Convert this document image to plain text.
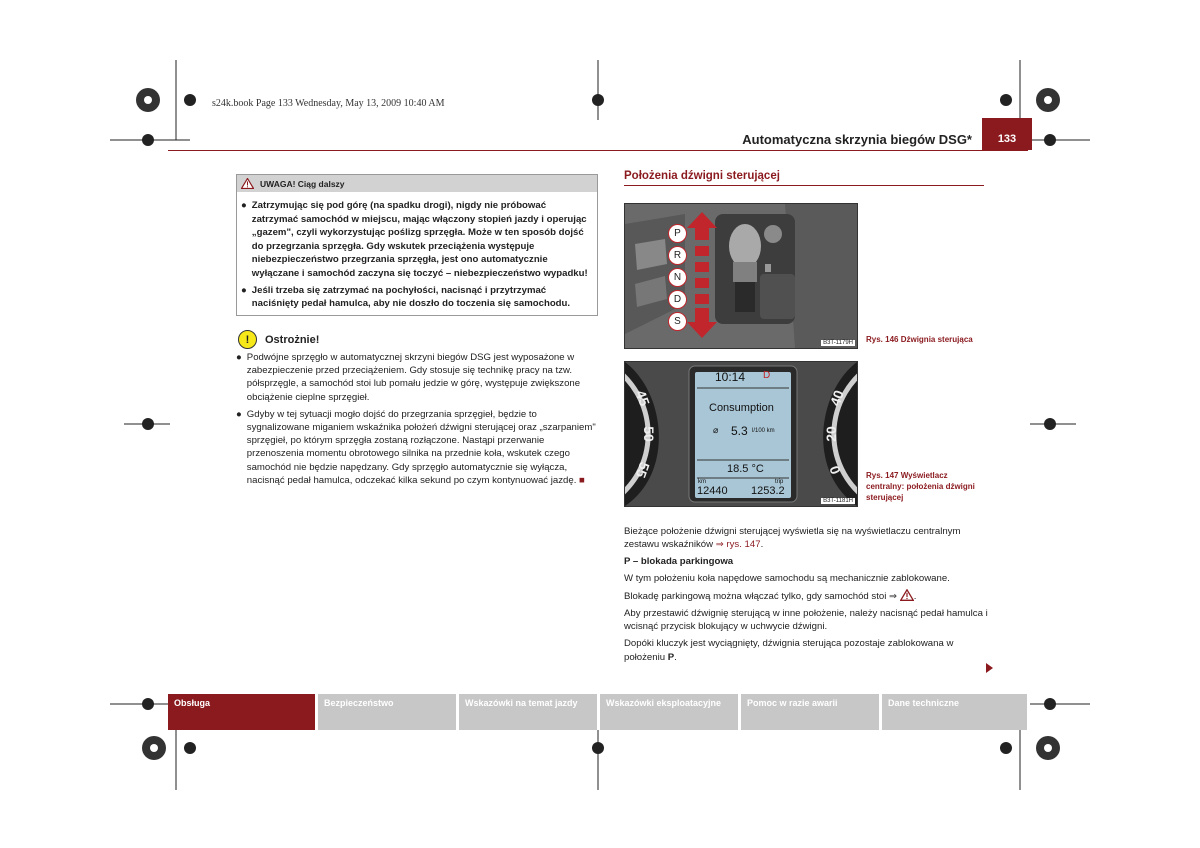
s24k.book Page 133 Wednesday, May 13, 2009 10:40 AM
Automatyczna skrzynia biegów DSG*	133
UWAGA! Ciąg dalszy
● Zatrzymując się pod górę (na spadku drogi), nigdy nie próbować zatrzymać samochód w miejscu, mając włączony stopień jazdy i operując „gazem", czyli wykorzystując poślizg sprzęgła. Może w ten sposób dojść do przegrzania sprzęgła. Gdy wskutek przeciążenia występuje niebezpieczeństwo przegrzania sprzęgła, jest ono automatycznie wyłączane i samochód zaczyna się toczyć – niebezpieczeństwo wypadku!
● Jeśli trzeba się zatrzymać na pochyłości, nacisnąć i przytrzymać naciśnięty pedał hamulca, aby nie doszło do toczenia się samochodu.
!	Ostrożnie!

● Podwójne sprzęgło w automatycznej skrzyni biegów DSG jest wyposażone w zabezpieczenie przed przeciążeniem. Gdy stosuje się technikę pracy na tzw. półsprzęgle, a samochód stoi lub pomału jedzie w górę, występuje zwiększone obciążenie cieplne sprzęgieł.

● Gdyby w tej sytuacji mogło dojść do przegrzania sprzęgieł, będzie to sygnalizowane miganiem wskaźnika położeń dźwigni sterującej oraz „szarpaniem" sprzęgieł, po którym sprzęgła zostaną rozłączone. Nastąpi przerwanie przenoszenia momentu obrotowego silnika na przednie koła, wskutek czego samochód nie będzie napędzany. Gdy sprzęgło automatycznie się wyłącza, nacisnąć pedał hamulca, odczekać kilka sekund po czym kontynuować jazdę. ■

Położenia dźwigni sterującej
P
R
N
D
S
B3T-1179H Rys. 146 Dźwignia sterująca
10:14 D
Consumption
⌀ 5.3 l/100 km
18.5 °C
km
12440
trip
1253.2
45
50
55
40
20
0
B3T-1181H
Rys. 147 Wyświetlacz centralny: położenia dźwigni sterującej

Bieżące położenie dźwigni sterującej wyświetla się na wyświetlaczu centralnym zestawu wskaźników ⇒ rys. 147.

P – blokada parkingowa

W tym położeniu koła napędowe samochodu są mechanicznie zablokowane.

Blokadę parkingową można włączać tylko, gdy samochód stoi ⇒ .

Aby przestawić dźwignię sterującą w inne położenie, należy nacisnąć pedał hamulca i wcisnąć przycisk blokujący w uchwycie dźwigni.

Dopóki kluczyk jest wyciągnięty, dźwignia sterująca pozostaje zablokowana w położeniu P.

Obsługa	Bezpieczeństwo	Wskazówki na temat jazdy	Wskazówki eksploatacyjne	Pomoc w razie awarii	Dane techniczne
